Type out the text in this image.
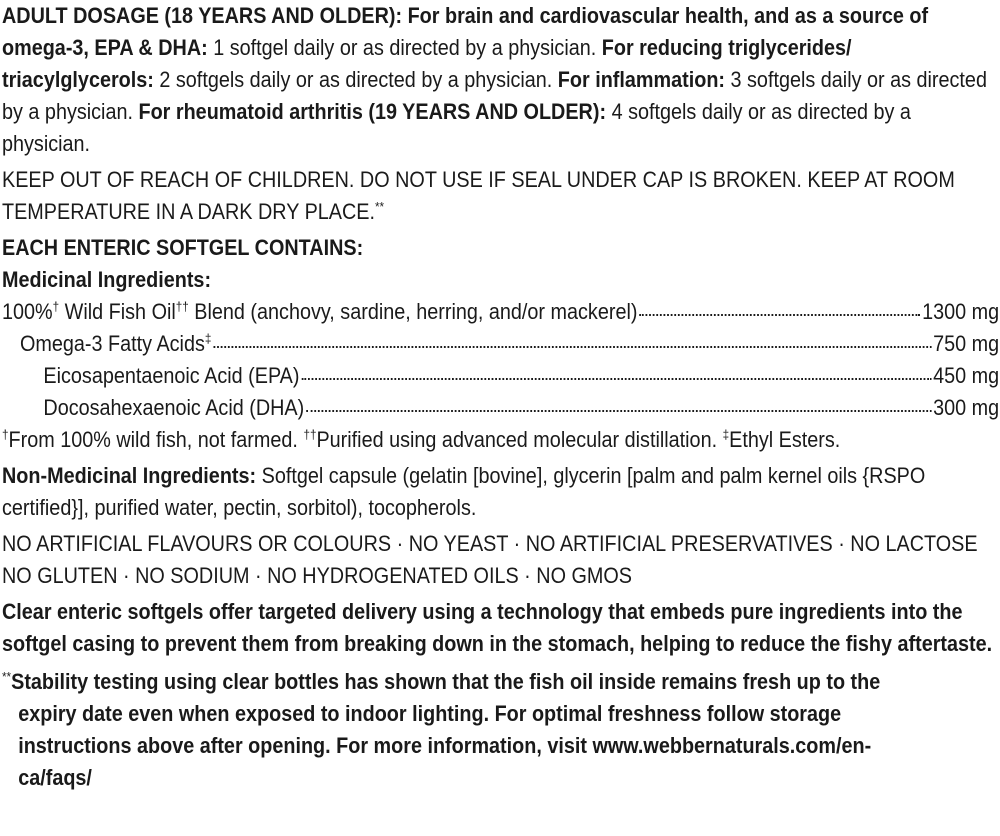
ADULT DOSAGE (18 YEARS AND OLDER): For brain and cardiovascular health, and as a source of omega-3, EPA & DHA: 1 softgel daily or as directed by a physician. For reducing triglycerides/ triacylglycerols: 2 softgels daily or as directed by a physician. For inflammation: 3 softgels daily or as directed by a physician. For rheumatoid arthritis (19 YEARS AND OLDER): 4 softgels daily or as directed by a physician.

KEEP OUT OF REACH OF CHILDREN. DO NOT USE IF SEAL UNDER CAP IS BROKEN. KEEP AT ROOM TEMPERATURE IN A DARK DRY PLACE.**

EACH ENTERIC SOFTGEL CONTAINS:

Medicinal Ingredients:

100%† Wild Fish Oil†† Blend (anchovy, sardine, herring, and/or mackerel)	1300 mg
Omega-3 Fatty Acids‡	750 mg
Eicosapentaenoic Acid (EPA)	450 mg
Docosahexaenoic Acid (DHA)	300 mg

†From 100% wild fish, not farmed. ††Purified using advanced molecular distillation. ‡Ethyl Esters.

Non-Medicinal Ingredients: Softgel capsule (gelatin [bovine], glycerin [palm and palm kernel oils {RSPO certified}], purified water, pectin, sorbitol), tocopherols.

NO ARTIFICIAL FLAVOURS OR COLOURS · NO YEAST · NO ARTIFICIAL PRESERVATIVES · NO LACTOSE

NO GLUTEN · NO SODIUM · NO HYDROGENATED OILS · NO GMOS

Clear enteric softgels offer targeted delivery using a technology that embeds pure ingredients into the softgel casing to prevent them from breaking down in the stomach, helping to reduce the fishy aftertaste.

**Stability testing using clear bottles has shown that the fish oil inside remains fresh up to the expiry date even when exposed to indoor lighting. For optimal freshness follow storage instructions above after opening. For more information, visit www.webbernaturals.com/en-ca/faqs/
